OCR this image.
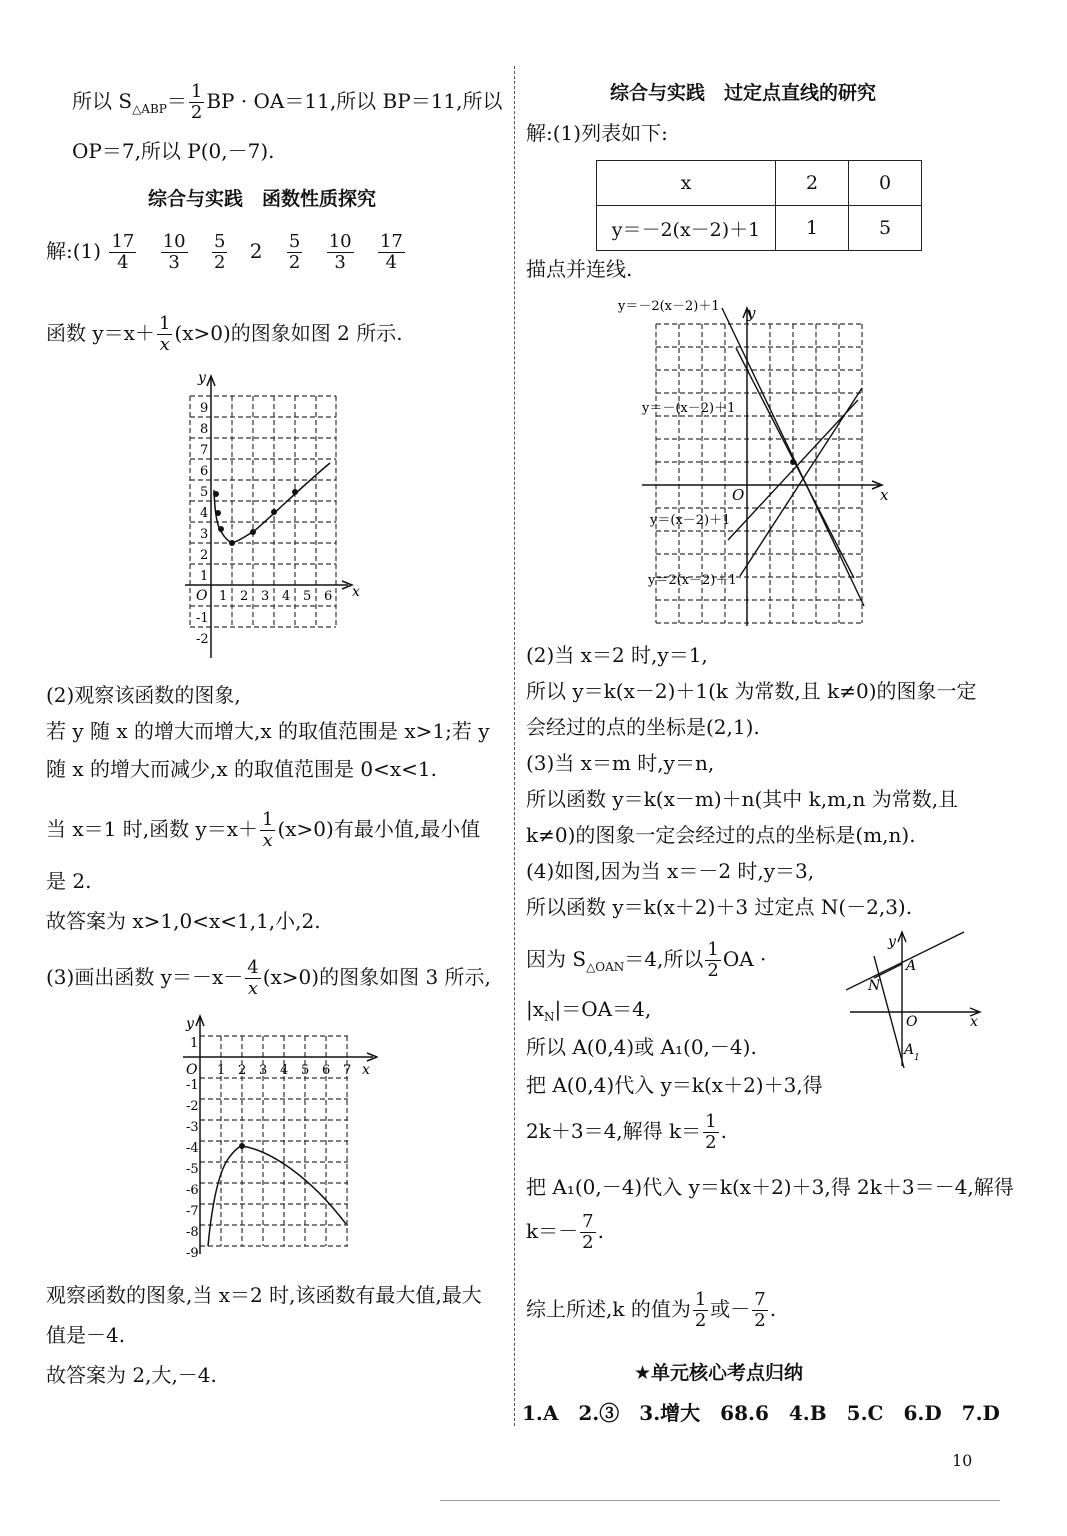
所以 $S_{\triangle ABP}= \frac{1}{2}$ BP · OA＝11,所以 BP＝11,所以
OP＝7,所以 P(0,－7).
综合与实践　函数性质探究
解:(1) $\frac{17}{4}$
$\frac{10}{3}$
$\frac{5}{2} 2 \frac{5}{2}$
$\frac{10}{3}$
$\frac{17}{4}$
函数 $y=x+ \frac{1}{x} (x>0)$的图象如图 2 所示.
y
x
O
9
8
7
6
5
4
3
2
1
-1
-2
1 2 3 4 5 6
(2)观察该函数的图象,
若 y 随 x 的增大而增大,x 的取值范围是 x>1;若 y
随 x 的增大而减少,x 的取值范围是 0<x<1.
当 x＝1 时,函数 $y=x+ \frac{1}{x} (x>0)$有最小值,最小值
是 2.
故答案为 x>1,0<x<1,1,小,2.
(3)画出函数 $y=-x- \frac{4}{x} (x>0)$的图象如图 3 所示,
y
x
O
1
-1
-2
-3
-4
-5
-6
-7
-8
-9
1 2 3 4 5 6 7
观察函数的图象,当 x＝2 时,该函数有最大值,最大
值是－4.
故答案为 2,大,－4.
综合与实践　过定点直线的研究
解:(1)列表如下:
x	2	0
y＝－2(x－2)＋1	1	5
描点并连线.
y
x
O
y＝－2(x－2)＋1
y＝－(x－2)＋1
y＝(x－2)＋1
y＝2(x－2)＋1
(2)当 x＝2 时,y＝1,
所以 y＝k(x－2)＋1(k 为常数,且 k≠0)的图象一定
会经过的点的坐标是(2,1).
(3)当 x＝m 时,y＝n,
所以函数 y＝k(x－m)＋n(其中 k,m,n 为常数,且
k≠0)的图象一定会经过的点的坐标是(m,n).
(4)如图,因为当 x＝－2 时,y＝3,
所以函数 y＝k(x＋2)＋3 过定点 N(－2,3).
因为 $S_{\triangle OAN}=4$,所以 $\frac{1}{2}$ OA ·
$|x_N|=OA=4$,
y
x
O
A
N
A 1
所以 A(0,4)或 A₁(0,－4).
把 A(0,4)代入 y＝k(x＋2)＋3,得
2k＋3＝4,解得 $k= \frac{1}{2}$ .
把 A₁(0,－4)代入 y＝k(x＋2)＋3,得 2k＋3＝－4,解得
$k=- \frac{7}{2}$ .
综上所述,k 的值为 $\frac{1}{2}$ 或－ $\frac{7}{2}$ .
★单元核心考点归纳
1.A　2.③　3.增大　68.6　4.B　5.C　6.D　7.D
10
